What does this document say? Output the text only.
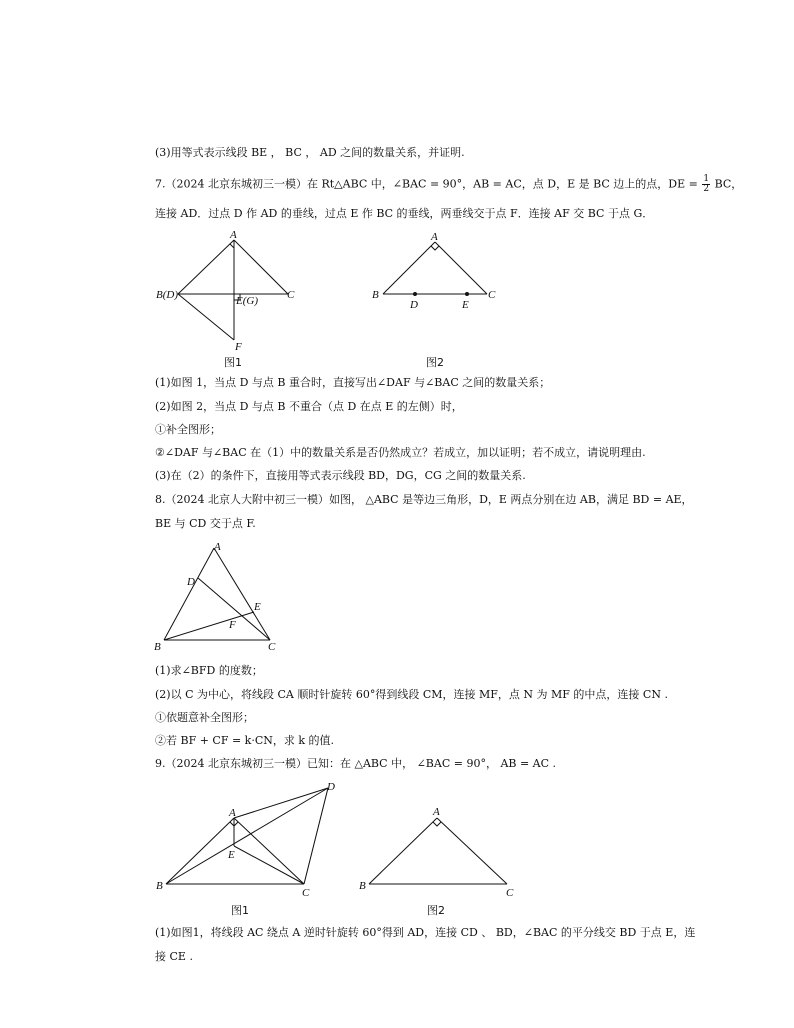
(3)用等式表示线段 BE ， BC ， AD 之间的数量关系，并证明.
7.（2024 北京东城初三一模）在 Rt△ABC 中，∠BAC = 90°，AB = AC，点 D，E 是 BC 边上的点，DE = $\frac{1}{2}$ BC，
连接 AD．过点 D 作 AD 的垂线，过点 E 作 BC 的垂线，两垂线交于点 F．连接 AF 交 BC 于点 G．
A
B(D)	E(G)	C
F
图1
A
B
D	E
C
图2
(1)如图 1，当点 D 与点 B 重合时，直接写出∠DAF 与∠BAC 之间的数量关系；
(2)如图 2，当点 D 与点 B 不重合（点 D 在点 E 的左侧）时，
①补全图形；
②∠DAF 与∠BAC 在（1）中的数量关系是否仍然成立？若成立，加以证明；若不成立，请说明理由.
(3)在（2）的条件下，直接用等式表示线段 BD，DG，CG 之间的数量关系.
8.（2024 北京人大附中初三一模）如图， △ABC 是等边三角形，D，E 两点分别在边 AB，满足 BD = AE，
BE 与 CD 交于点 F.
A
D
E
F
B	C
(1)求∠BFD 的度数；
(2)以 C 为中心，将线段 CA 顺时针旋转 60°得到线段 CM，连接 MF，点 N 为 MF 的中点，连接 CN .
①依题意补全图形；
②若 BF + CF = k·CN，求 k 的值.
9.（2024 北京东城初三一模）已知：在 △ABC 中， ∠BAC = 90°， AB = AC .
A
D
E
B
C
图1
A
B
C
图2
(1)如图1，将线段 AC 绕点 A 逆时针旋转 60°得到 AD，连接 CD 、 BD，∠BAC 的平分线交 BD 于点 E，连
接 CE .
